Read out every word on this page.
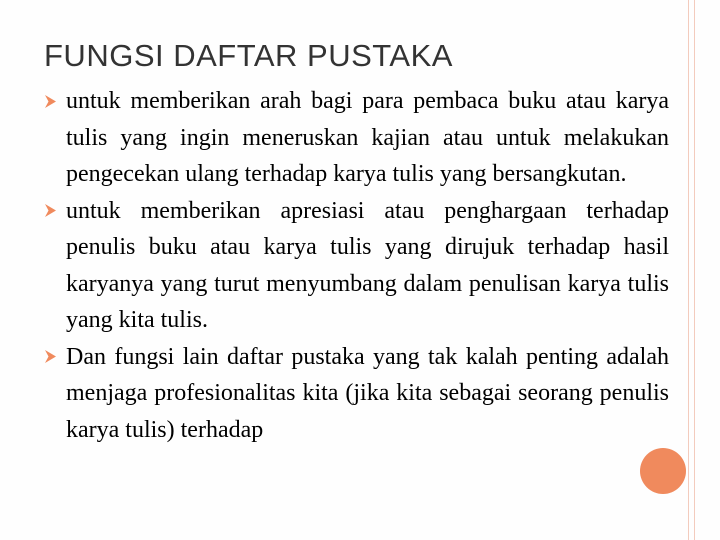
FUNGSI DAFTAR PUSTAKA
untuk memberikan arah bagi para pembaca buku atau karya tulis yang ingin meneruskan kajian atau untuk melakukan pengecekan ulang terhadap karya tulis yang bersangkutan.
untuk memberikan apresiasi atau penghargaan terhadap penulis buku atau karya tulis yang dirujuk terhadap hasil karyanya yang turut menyumbang dalam penulisan karya tulis yang kita tulis.
Dan fungsi lain daftar pustaka yang tak kalah penting adalah menjaga profesionalitas kita (jika kita sebagai seorang penulis karya tulis) terhadap
